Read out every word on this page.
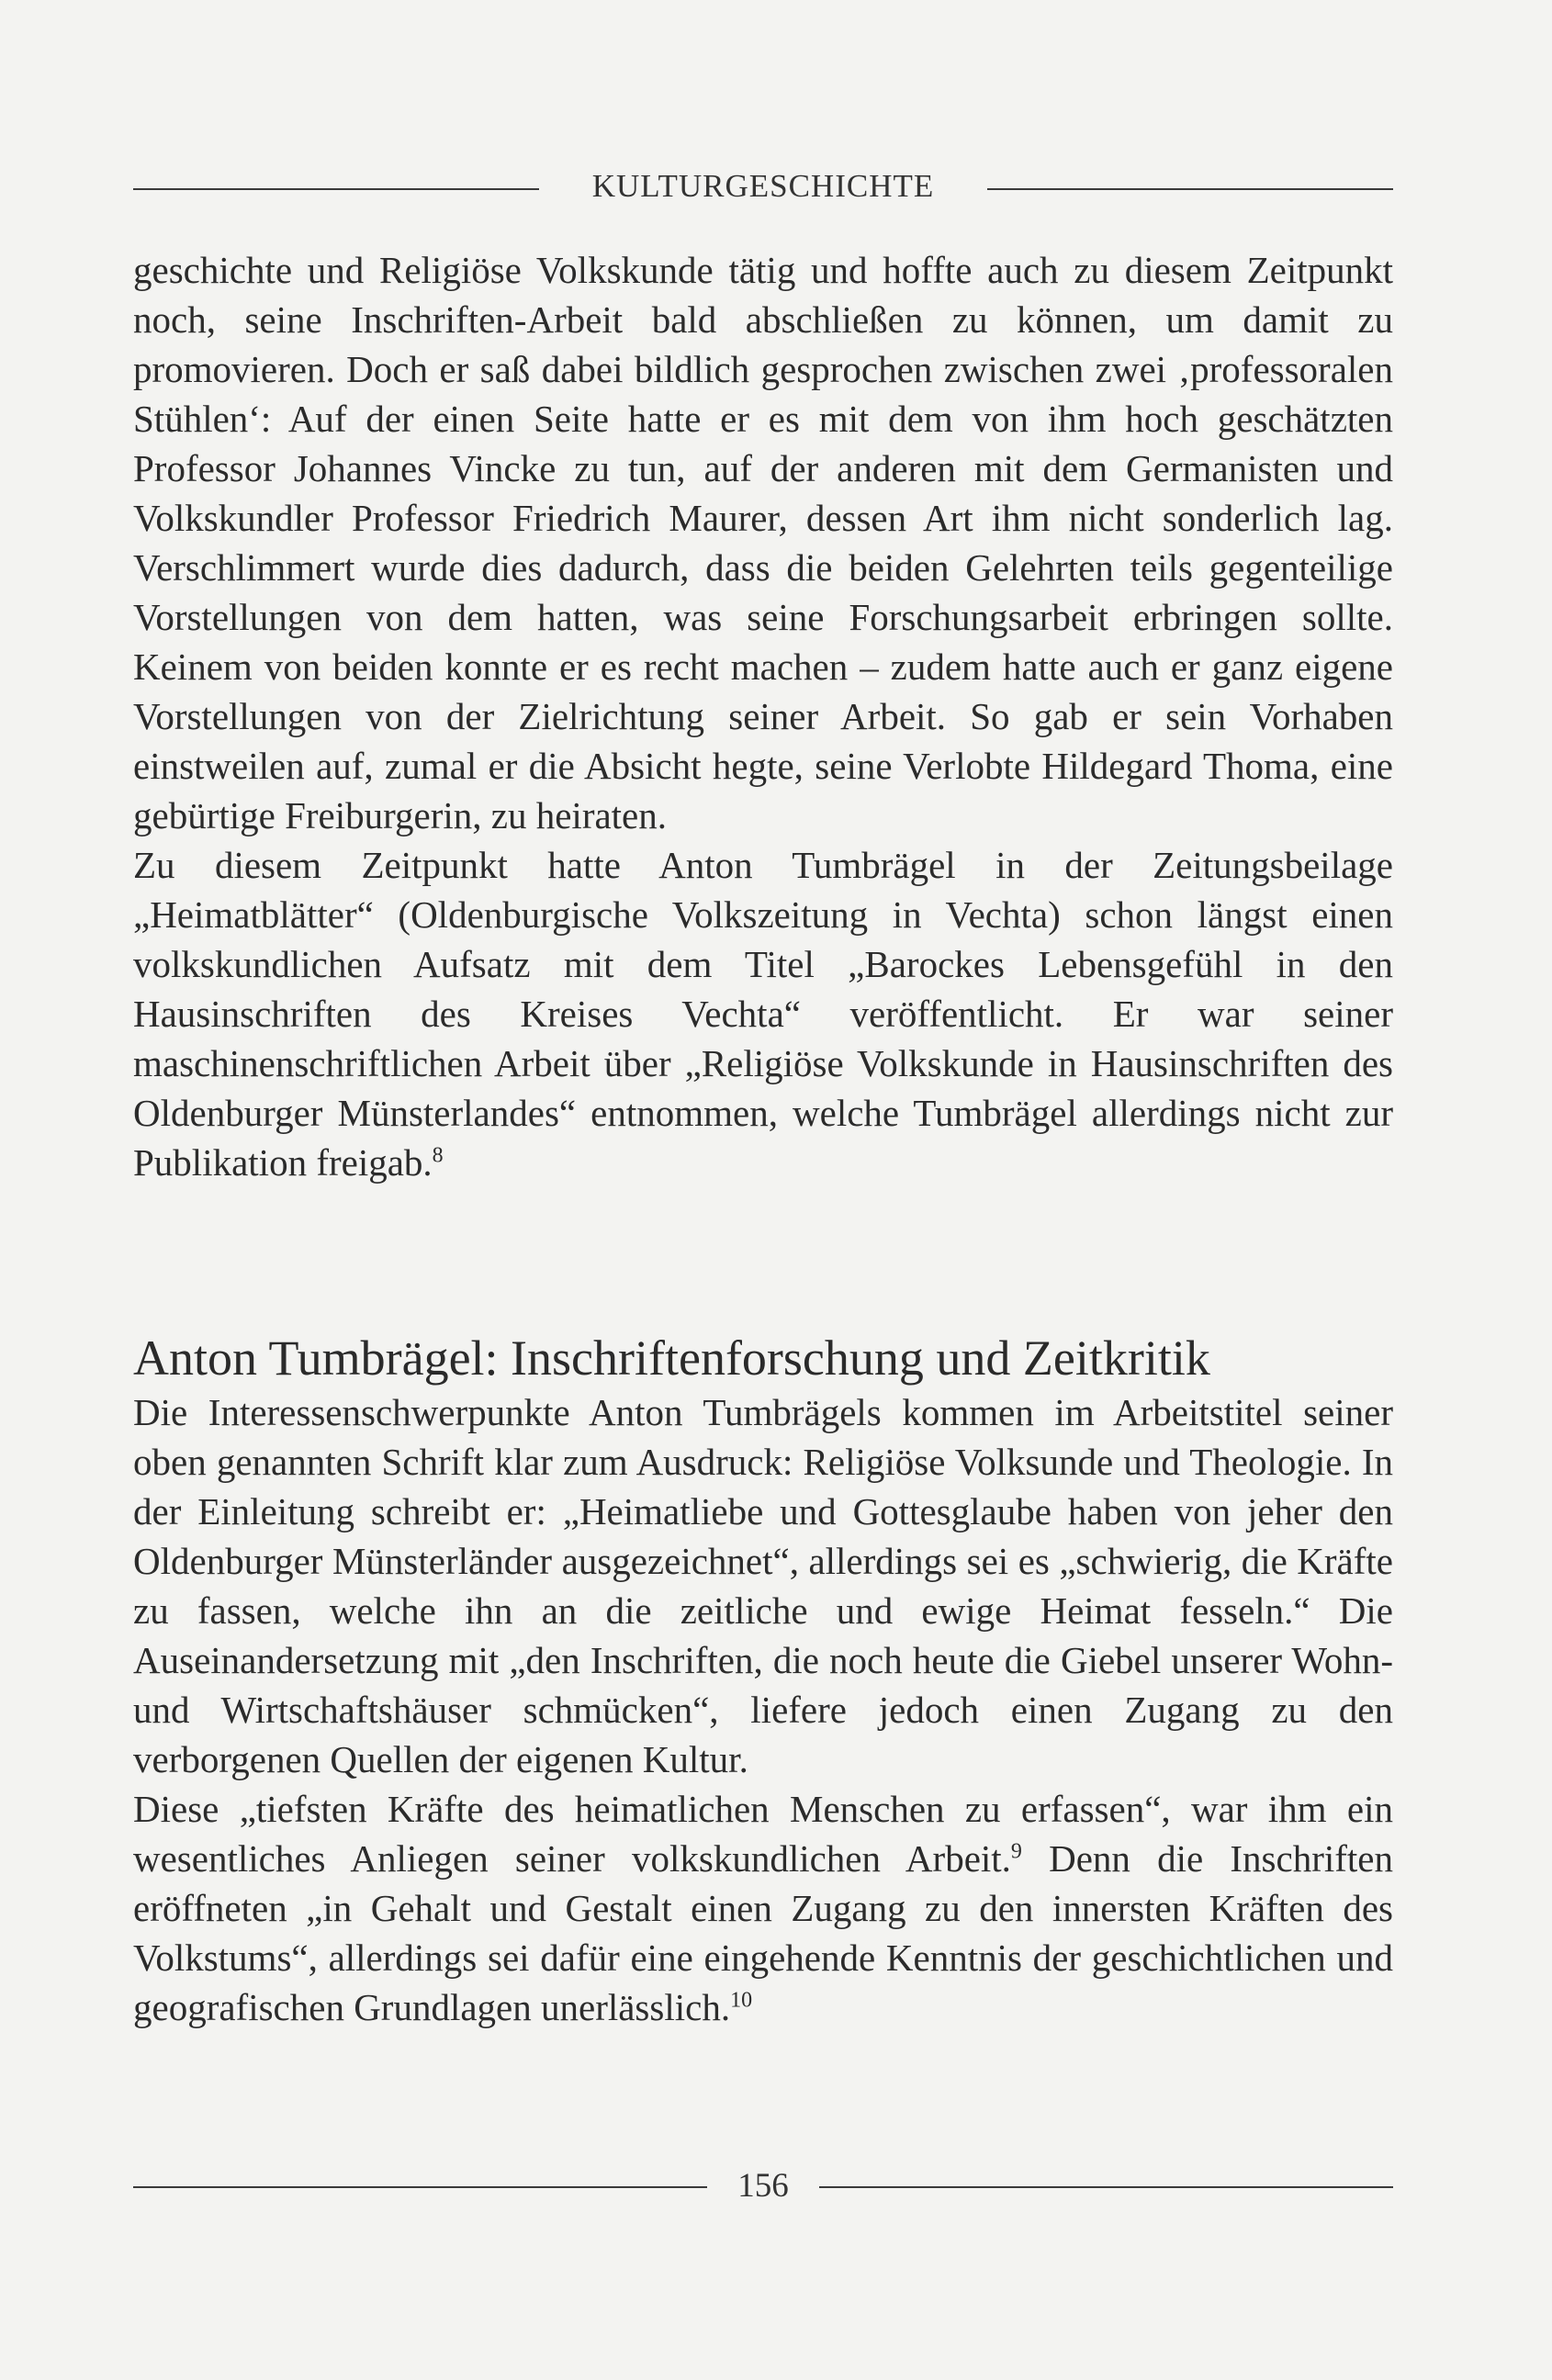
KULTURGESCHICHTE

geschichte und Religiöse Volkskunde tätig und hoffte auch zu diesem Zeitpunkt noch, seine Inschriften-Arbeit bald abschließen zu können, um damit zu promovieren. Doch er saß dabei bildlich gesprochen zwischen zwei ‚professoralen Stühlen‘: Auf der einen Seite hatte er es mit dem von ihm hoch geschätzten Professor Johannes Vincke zu tun, auf der anderen mit dem Germanisten und Volkskundler Professor Friedrich Maurer, dessen Art ihm nicht sonderlich lag. Verschlimmert wurde dies dadurch, dass die beiden Gelehrten teils gegenteilige Vorstellungen von dem hatten, was seine Forschungsarbeit erbringen sollte. Keinem von beiden konnte er es recht machen – zudem hatte auch er ganz eigene Vorstellungen von der Zielrichtung seiner Arbeit. So gab er sein Vorhaben einstweilen auf, zumal er die Absicht hegte, seine Verlobte Hildegard Thoma, eine gebürtige Freiburgerin, zu heiraten.

Zu diesem Zeitpunkt hatte Anton Tumbrägel in der Zeitungsbeilage „Heimatblätter“ (Oldenburgische Volkszeitung in Vechta) schon längst einen volkskundlichen Aufsatz mit dem Titel „Barockes Lebensgefühl in den Hausinschriften des Kreises Vechta“ veröffentlicht. Er war seiner maschinenschriftlichen Arbeit über „Religiöse Volkskunde in Hausinschriften des Oldenburger Münsterlandes“ entnommen, welche Tumbrägel allerdings nicht zur Publikation freigab.$^8$

Anton Tumbrägel: Inschriftenforschung und Zeitkritik

Die Interessenschwerpunkte Anton Tumbrägels kommen im Arbeitstitel seiner oben genannten Schrift klar zum Ausdruck: Religiöse Volksunde und Theologie. In der Einleitung schreibt er: „Heimatliebe und Gottesglaube haben von jeher den Oldenburger Münsterländer ausgezeichnet“, allerdings sei es „schwierig, die Kräfte zu fassen, welche ihn an die zeitliche und ewige Heimat fesseln.“ Die Auseinandersetzung mit „den Inschriften, die noch heute die Giebel unserer Wohn- und Wirtschaftshäuser schmücken“, liefere jedoch einen Zugang zu den verborgenen Quellen der eigenen Kultur.

Diese „tiefsten Kräfte des heimatlichen Menschen zu erfassen“, war ihm ein wesentliches Anliegen seiner volkskundlichen Arbeit.$^9$ Denn die Inschriften eröffneten „in Gehalt und Gestalt einen Zugang zu den innersten Kräften des Volkstums“, allerdings sei dafür eine eingehende Kenntnis der geschichtlichen und geografischen Grundlagen unerlässlich.$^{10}$

156
